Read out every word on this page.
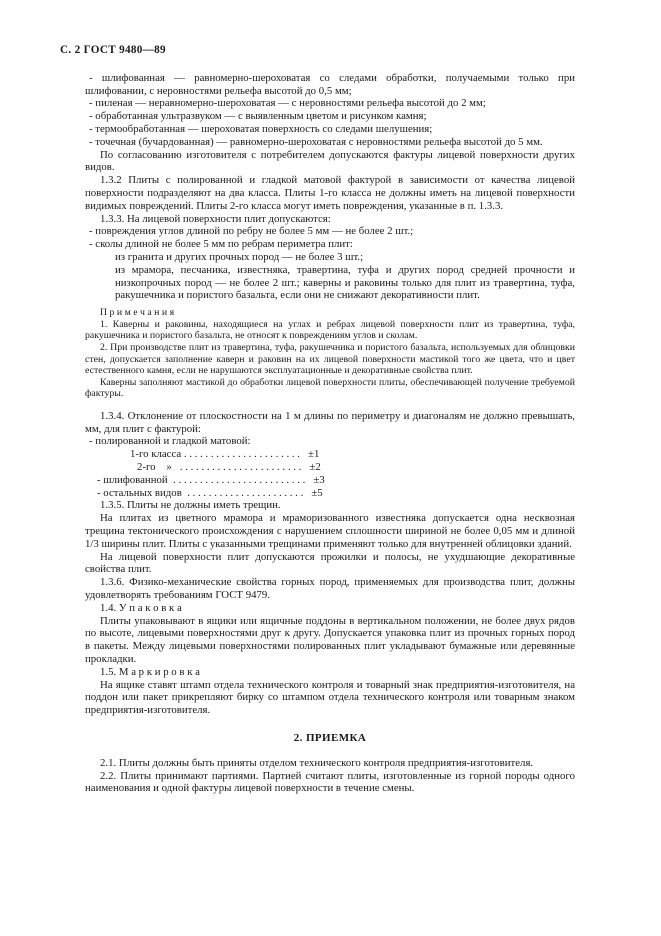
С. 2 ГОСТ 9480—89
- шлифованная — равномерно-шероховатая со следами обработки, получаемыми только при шлифовании, с неровностями рельефа высотой до 0,5 мм;
- пиленая — неравномерно-шероховатая — с неровностями рельефа высотой до 2 мм;
- обработанная ультразвуком — с выявленным цветом и рисунком камня;
- термообработанная — шероховатая поверхность со следами шелушения;
- точечная (бучардованная) — равномерно-шероховатая с неровностями рельефа высотой до 5 мм.
По согласованию изготовителя с потребителем допускаются фактуры лицевой поверхности других видов.
1.3.2 Плиты с полированной и гладкой матовой фактурой в зависимости от качества лицевой поверхности подразделяют на два класса. Плиты 1-го класса не должны иметь на лицевой поверхности видимых повреждений. Плиты 2-го класса могут иметь повреждения, указанные в п. 1.3.3.
1.3.3. На лицевой поверхности плит допускаются:
- повреждения углов длиной по ребру не более 5 мм — не более 2 шт.;
- сколы длиной не более 5 мм по ребрам периметра плит:
из гранита и других прочных пород — не более 3 шт.;
из мрамора, песчаника, известняка, травертина, туфа и других пород средней прочности и низкопрочных пород — не более 2 шт.; каверны и раковины только для плит из травертина, туфа, ракушечника и пористого базальта, если они не снижают декоративности плит.
П р и м е ч а н и я
1. Каверны и раковины, находящиеся на углах и ребрах лицевой поверхности плит из травертина, туфа, ракушечника и пористого базальта, не относят к повреждениям углов и сколам.
2. При производстве плит из травертина, туфа, ракушечника и пористого базальта, используемых для облицовки стен, допускается заполнение каверн и раковин на их лицевой поверхности мастикой того же цвета, что и цвет естественного камня, если не нарушаются эксплуатационные и декоративные свойства плит.
Каверны заполняют мастикой до обработки лицевой поверхности плиты, обеспечивающей получение требуемой фактуры.
1.3.4. Отклонение от плоскостности на 1 м длины по периметру и диагоналям не должно превышать, мм, для плит с фактурой:
- полированной и гладкой матовой:
1-го класса . . . . . . . . . . . . . . . . . . . . . .   ±1
2-го    »   . . . . . . . . . . . . . . . . . . . . . . .   ±2
- шлифованной  . . . . . . . . . . . . . . . . . . . . . . . . .   ±3
- остальных видов  . . . . . . . . . . . . . . . . . . . . . .   ±5
1.3.5. Плиты не должны иметь трещин.
На плитах из цветного мрамора и мраморизованного известняка допускается одна несквозная трещина тектонического происхождения с нарушением сплошности шириной не более 0,05 мм и длиной 1/3 ширины плит. Плиты с указанными трещинами применяют только для внутренней облицовки зданий.
На лицевой поверхности плит допускаются прожилки и полосы, не ухудшающие декоративные свойства плит.
1.3.6. Физико-механические свойства горных пород, применяемых для производства плит, должны удовлетворять требованиям ГОСТ 9479.
1.4. У п а к о в к а
Плиты упаковывают в ящики или ящичные поддоны в вертикальном положении, не более двух рядов по высоте, лицевыми поверхностями друг к другу. Допускается упаковка плит из прочных горных пород в пакеты. Между лицевыми поверхностями полированных плит укладывают бумажные или деревянные прокладки.
1.5. М а р к и р о в к а
На ящике ставят штамп отдела технического контроля и товарный знак предприятия-изготовителя, на поддон или пакет прикрепляют бирку со штампом отдела технического контроля или товарным знаком предприятия-изготовителя.
2. ПРИЕМКА
2.1. Плиты должны быть приняты отделом технического контроля предприятия-изготовителя.
2.2. Плиты принимают партиями. Партией считают плиты, изготовленные из горной породы одного наименования и одной фактуры лицевой поверхности в течение смены.
